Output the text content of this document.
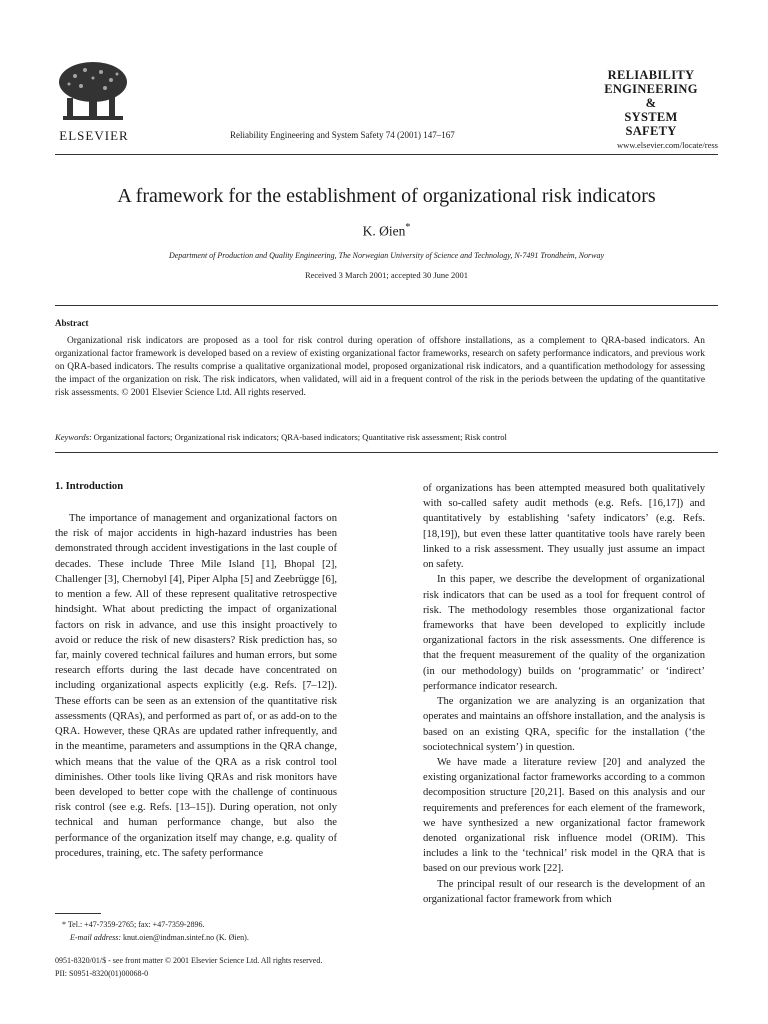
ELSEVIER	Reliability Engineering and System Safety 74 (2001) 147–167
RELIABILITY
ENGINEERING
&
SYSTEM
SAFETY
www.elsevier.com/locate/ress
A framework for the establishment of organizational risk indicators
K. Øien*
Department of Production and Quality Engineering, The Norwegian University of Science and Technology, N-7491 Trondheim, Norway
Received 3 March 2001; accepted 30 June 2001
Abstract
Organizational risk indicators are proposed as a tool for risk control during operation of offshore installations, as a complement to QRA-based indicators. An organizational factor framework is developed based on a review of existing organizational factor frameworks, research on safety performance indicators, and previous work on QRA-based indicators. The results comprise a qualitative organizational model, proposed organizational risk indicators, and a quantification methodology for assessing the impact of the organization on risk. The risk indicators, when validated, will aid in a frequent control of the risk in the periods between the updating of the quantitative risk assessments. © 2001 Elsevier Science Ltd. All rights reserved.
Keywords: Organizational factors; Organizational risk indicators; QRA-based indicators; Quantitative risk assessment; Risk control
1. Introduction

The importance of management and organizational factors on the risk of major accidents in high-hazard industries has been demonstrated through accident investigations in the last couple of decades. These include Three Mile Island [1], Bhopal [2], Challenger [3], Chernobyl [4], Piper Alpha [5] and Zeebrügge [6], to mention a few. All of these represent qualitative retrospective hindsight. What about predicting the impact of organizational factors on risk in advance, and use this insight proactively to avoid or reduce the risk of new disasters? Risk prediction has, so far, mainly covered technical failures and human errors, but some research efforts during the last decade have concentrated on including organizational aspects explicitly (e.g. Refs. [7–12]). These efforts can be seen as an extension of the quantitative risk assessments (QRAs), and performed as part of, or as add-on to the QRA. However, these QRAs are updated rather infrequently, and in the meantime, parameters and assumptions in the QRA change, which means that the value of the QRA as a risk control tool diminishes. Other tools like living QRAs and risk monitors have been developed to better cope with the challenge of continuous risk control (see e.g. Refs. [13–15]). During operation, not only technical and human performance change, but also the performance of the organization itself may change, e.g. quality of procedures, training, etc. The safety performance

of organizations has been attempted measured both qualitatively with so-called safety audit methods (e.g. Refs. [16,17]) and quantitatively by establishing ‘safety indicators’ (e.g. Refs. [18,19]), but even these latter quantitative tools have rarely been linked to a risk assessment. They usually just assume an impact on safety.

In this paper, we describe the development of organizational risk indicators that can be used as a tool for frequent control of risk. The methodology resembles those organizational factor frameworks that have been developed to explicitly include organizational factors in the risk assessments. One difference is that the frequent measurement of the quality of the organization (in our methodology) builds on ‘programmatic’ or ‘indirect’ performance indicator research.

The organization we are analyzing is an organization that operates and maintains an offshore installation, and the analysis is based on an existing QRA, specific for the installation (‘the sociotechnical system’) in question.

We have made a literature review [20] and analyzed the existing organizational factor frameworks according to a common decomposition structure [20,21]. Based on this analysis and our requirements and preferences for each element of the framework, we have synthesized a new organizational factor framework denoted organizational risk influence model (ORIM). This includes a link to the ‘technical’ risk model in the QRA that is based on our previous work [22].

The principal result of our research is the development of an organizational factor framework from which

* Tel.: +47-7359-2765; fax: +47-7359-2896.
E-mail address: knut.oien@indman.sintef.no (K. Øien).
0951-8320/01/$ - see front matter © 2001 Elsevier Science Ltd. All rights reserved.
PII: S0951-8320(01)00068-0
